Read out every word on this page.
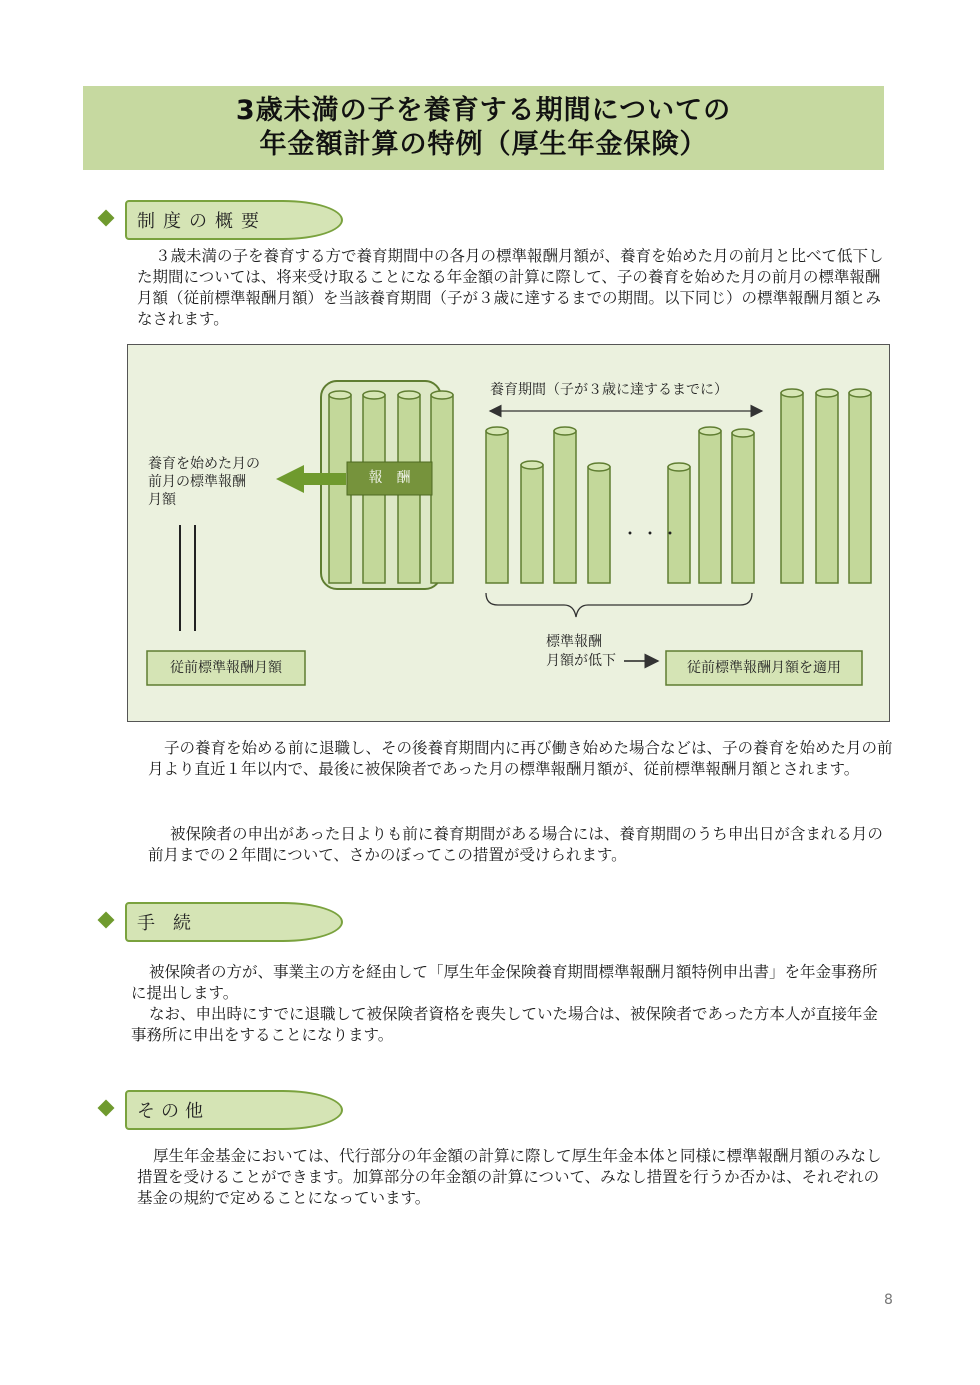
3歳未満の子を養育する期間についての
年金額計算の特例（厚生年金保険）
制度の概要
３歳未満の子を養育する方で養育期間中の各月の標準報酬月額が、養育を始めた月の前月と比べて低下した期間については、将来受け取ることになる年金額の計算に際して、子の養育を始めた月の前月の標準報酬月額（従前標準報酬月額）を当該養育期間（子が３歳に達するまでの期間。以下同じ）の標準報酬月額とみなされます。
養育期間（子が３歳に達するまでに）
養育を始めた月の
前月の標準報酬
月額
報　酬
・・・
標準報酬
月額が低下
従前標準報酬月額	従前標準報酬月額を適用
子の養育を始める前に退職し、その後養育期間内に再び働き始めた場合などは、子の養育を始めた月の前月より直近１年以内で、最後に被保険者であった月の標準報酬月額が、従前標準報酬月額とされます。
被保険者の申出があった日よりも前に養育期間がある場合には、養育期間のうち申出日が含まれる月の前月までの２年間について、さかのぼってこの措置が受けられます。
手続
被保険者の方が、事業主の方を経由して「厚生年金保険養育期間標準報酬月額特例申出書」を年金事務所に提出します。
なお、申出時にすでに退職して被保険者資格を喪失していた場合は、被保険者であった方本人が直接年金事務所に申出をすることになります。
その他
厚生年金基金においては、代行部分の年金額の計算に際して厚生年金本体と同様に標準報酬月額のみなし措置を受けることができます。加算部分の年金額の計算について、みなし措置を行うか否かは、それぞれの基金の規約で定めることになっています。
8
